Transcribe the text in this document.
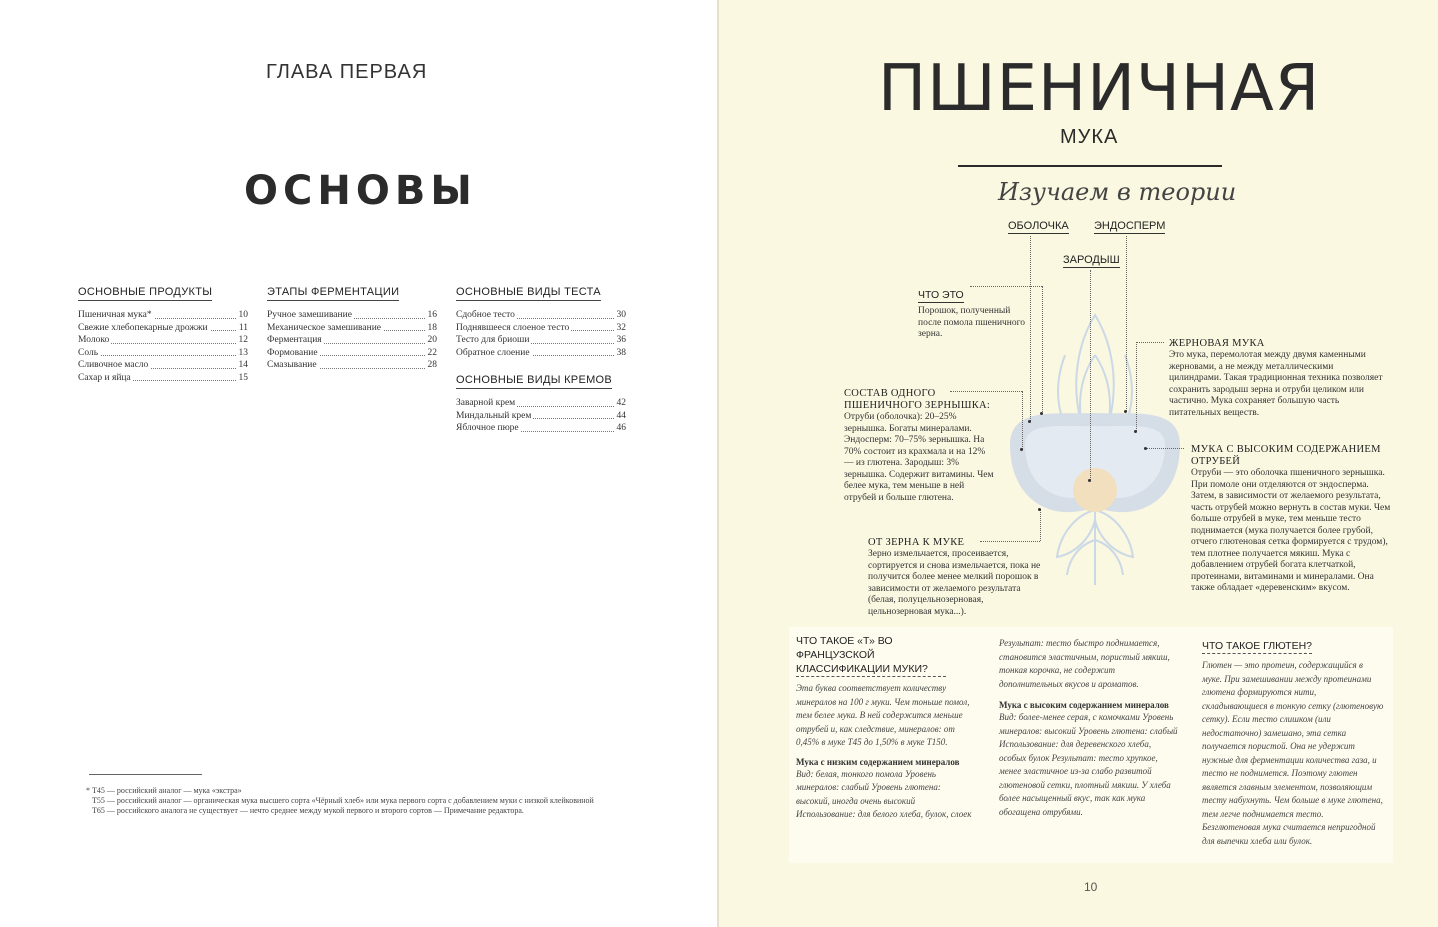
ГЛАВА ПЕРВАЯ
ОСНОВЫ
ОСНОВНЫЕ ПРОДУКТЫ
Пшеничная мука*	10
Свежие хлебопекарные дрожжи	11
Молоко	12
Соль	13
Сливочное масло	14
Сахар и яйца	15
ЭТАПЫ ФЕРМЕНТАЦИИ
Ручное замешивание	16
Механическое замешивание	18
Ферментация	20
Формование	22
Смазывание	28
ОСНОВНЫЕ ВИДЫ ТЕСТА
Сдобное тесто	30
Поднявшееся слоеное тесто	32
Тесто для бриоши	36
Обратное слоение	38
ОСНОВНЫЕ ВИДЫ КРЕМОВ
Заварной крем	42
Миндальный крем	44
Яблочное пюре	46
* Т45 — российский аналог — мука «экстра»
Т55 — российский аналог — органическая мука высшего сорта «Чёрный хлеб» или мука первого сорта с добавлением муки с низкой клейковиной
Т65 — российского аналога не существует — нечто среднее между мукой первого и второго сортов — Примечание редактора.
ПШЕНИЧНАЯ
МУКА
Изучаем в теории
ОБОЛОЧКА ЭНДОСПЕРМ
ЗАРОДЫШ
ЧТО ЭТО
Порошок, полученный после помола пшеничного зерна.
СОСТАВ ОДНОГО ПШЕНИЧНОГО ЗЕРНЫШКА:
Отруби (оболочка): 20–25% зернышка. Богаты минералами. Эндосперм: 70–75% зернышка. На 70% состоит из крахмала и на 12% — из глютена. Зародыш: 3% зернышка. Содержит витамины. Чем белее мука, тем меньше в ней отрубей и больше глютена.
ЖЕРНОВАЯ МУКА
Это мука, перемолотая между двумя каменными жерновами, а не между металлическими цилиндрами. Такая традиционная техника позволяет сохранить зародыш зерна и отруби целиком или частично. Мука сохраняет большую часть питательных веществ.
МУКА С ВЫСОКИМ СОДЕРЖАНИЕМ ОТРУБЕЙ
Отруби — это оболочка пшеничного зернышка. При помоле они отделяются от эндосперма. Затем, в зависимости от желаемого результата, часть отрубей можно вернуть в состав муки. Чем больше отрубей в муке, тем меньше тесто поднимается (мука получается более грубой, отчего глютеновая сетка формируется с трудом), тем плотнее получается мякиш. Мука с добавлением отрубей богата клетчаткой, протеинами, витаминами и минералами. Она также обладает «деревенским» вкусом.
ОТ ЗЕРНА К МУКЕ
Зерно измельчается, просеивается, сортируется и снова измельчается, пока не получится более менее мелкий порошок в зависимости от желаемого результата (белая, полуцельнозерновая, цельнозерновая мука...).
ЧТО ТАКОЕ «Т» ВО ФРАНЦУЗСКОЙ КЛАССИФИКАЦИИ МУКИ?
Эта буква соответствует количеству минералов на 100 г муки. Чем тоньше помол, тем белее мука. В ней содержится меньше отрубей и, как следствие, минералов: от 0,45% в муке Т45 до 1,50% в муке Т150.
Мука с низким содержанием минералов
Вид: белая, тонкого помола Уровень минералов: слабый Уровень глютена: высокий, иногда очень высокий Использование: для белого хлеба, булок, слоек
Результат: тесто быстро поднимается, становится эластичным, пористый мякиш, тонкая корочка, не содержит дополнительных вкусов и ароматов.
Мука с высоким содержанием минералов
Вид: более-менее серая, с комочками Уровень минералов: высокий Уровень глютена: слабый Использование: для деревенского хлеба, особых булок Результат: тесто хрупкое, менее эластичное из-за слабо развитой глютеновой сетки, плотный мякиш. У хлеба более насыщенный вкус, так как мука обогащена отрубями.
ЧТО ТАКОЕ ГЛЮТЕН?
Глютен — это протеин, содержащийся в муке. При замешивании между протеинами глютена формируются нити, складывающиеся в тонкую сетку (глютеновую сетку). Если тесто слишком (или недостаточно) замешано, эта сетка получается пористой. Она не удержит нужные для ферментации количества газа, и тесто не поднимется. Поэтому глютен является главным элементом, позволяющим тесту набухнуть. Чем больше в муке глютена, тем легче поднимается тесто. Безглютеновая мука считается непригодной для выпечки хлеба или булок.
10
